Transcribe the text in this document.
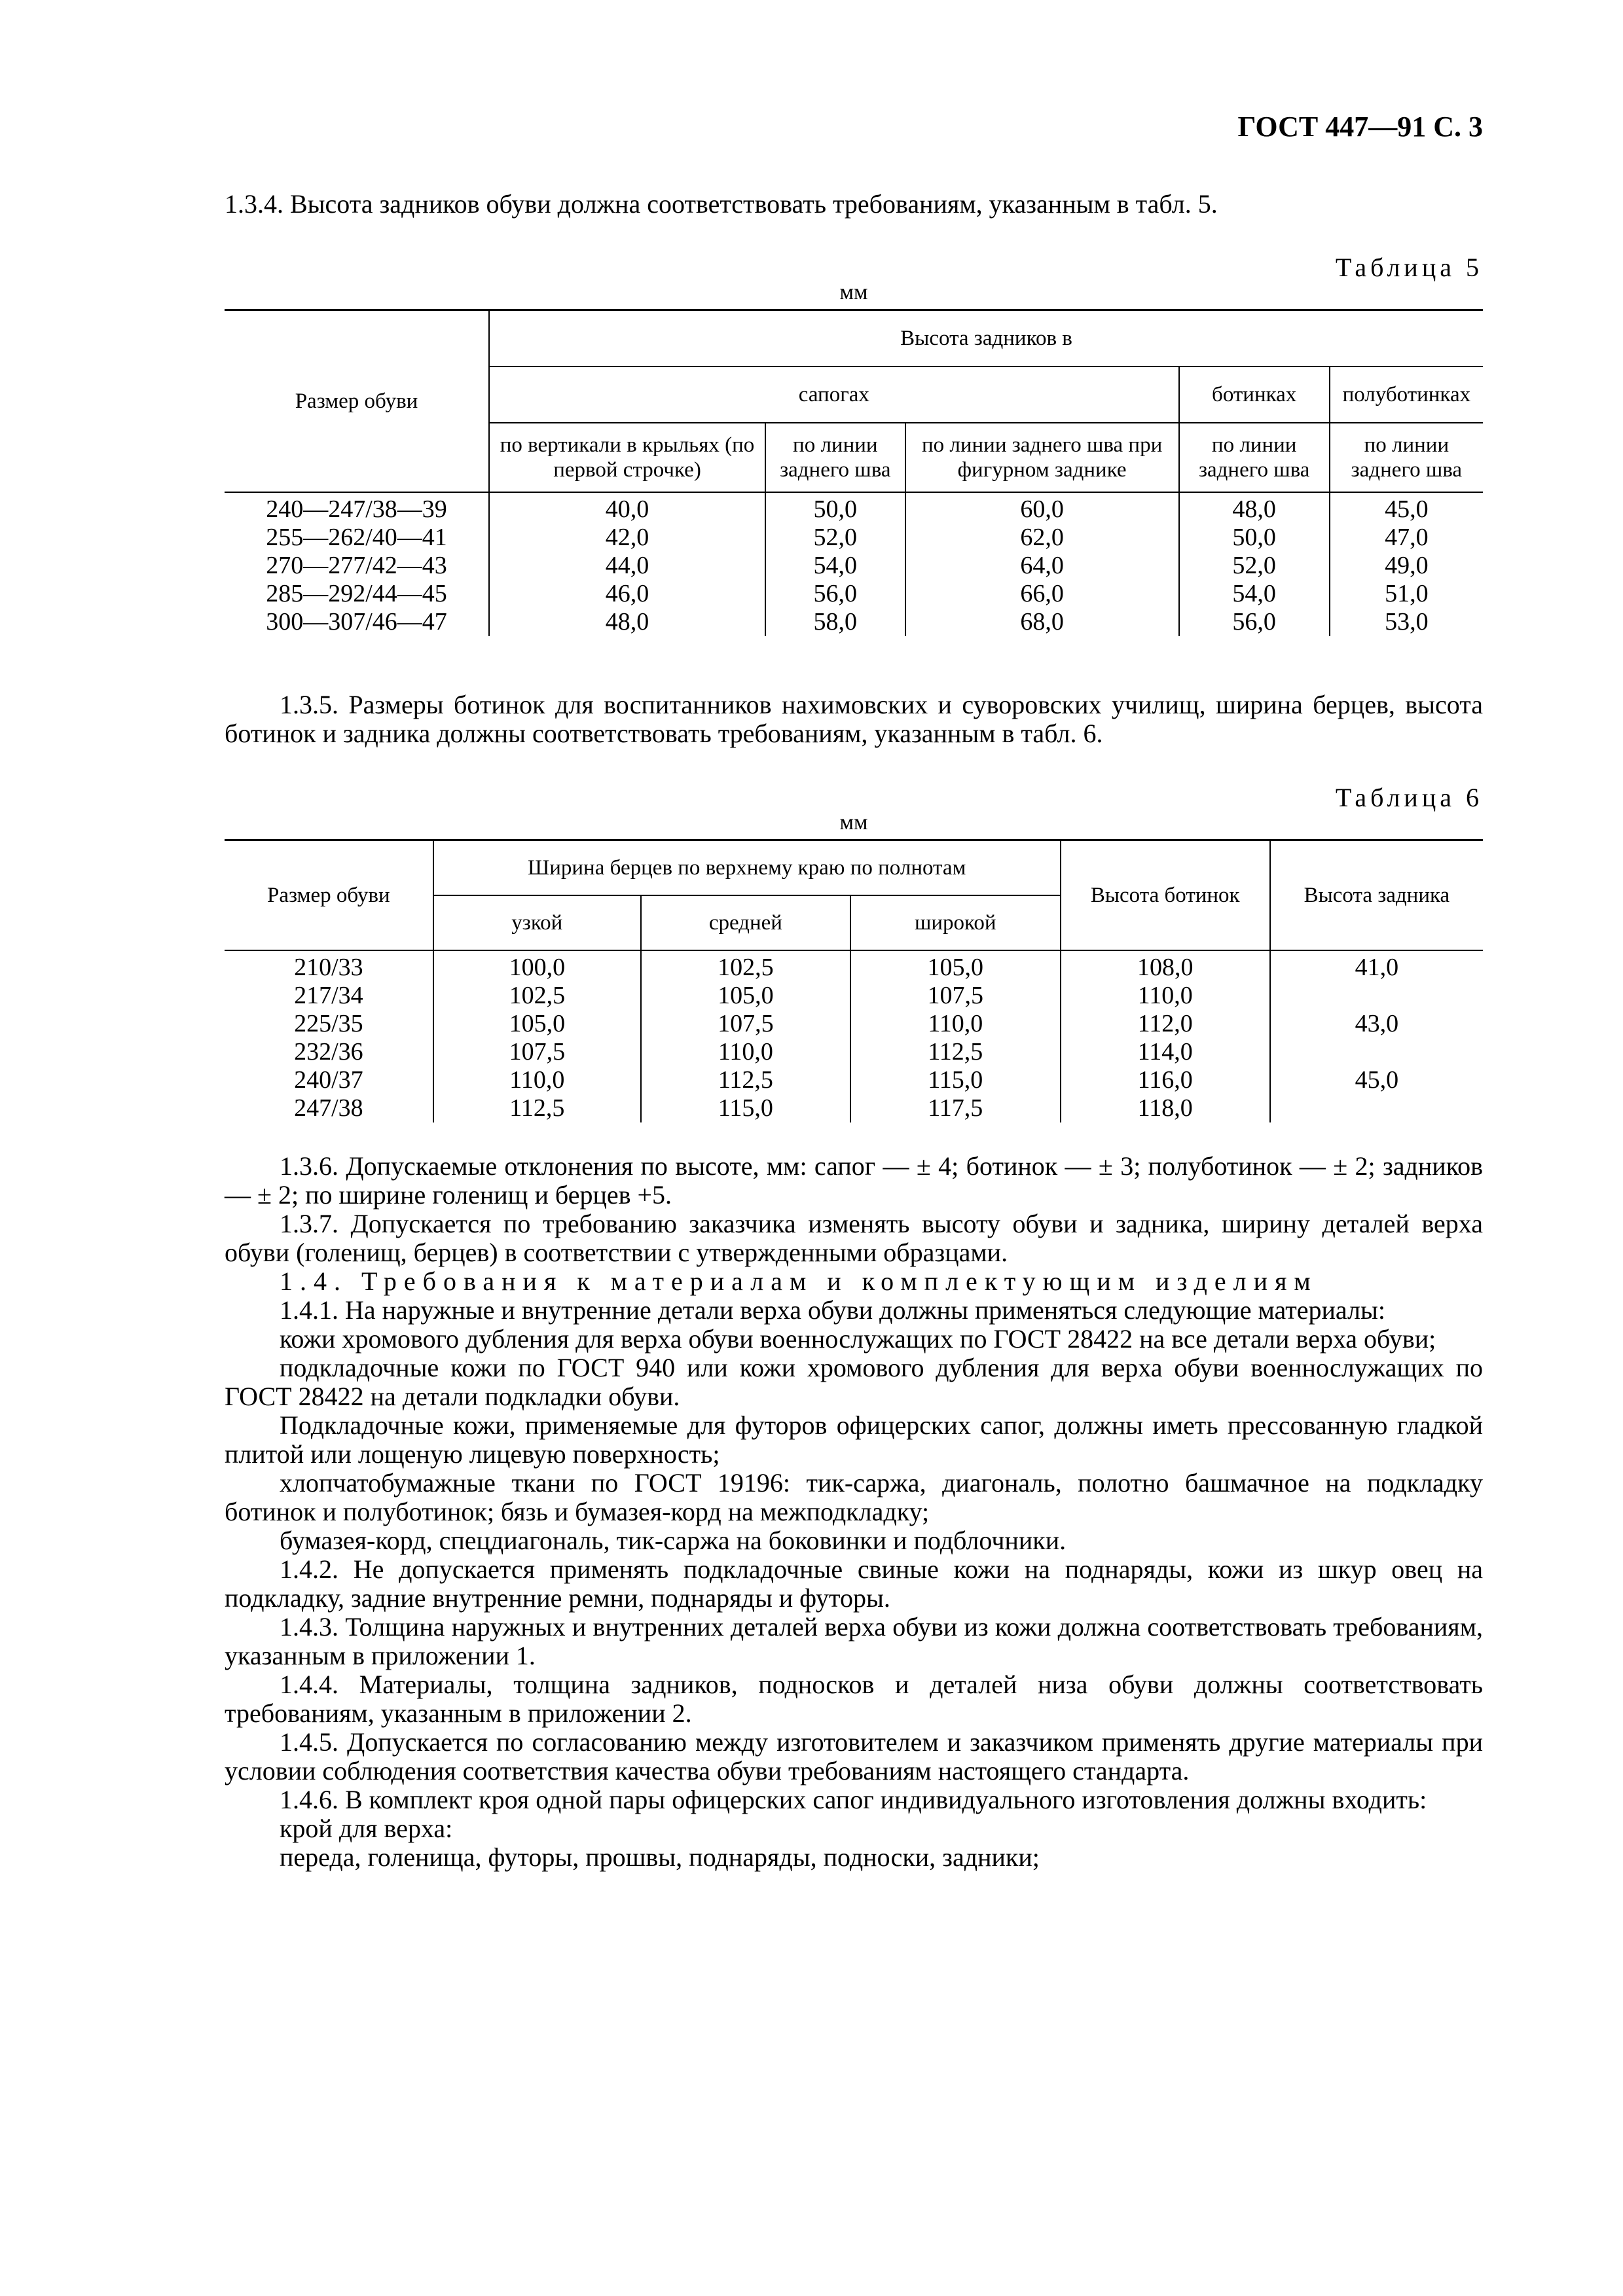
ГОСТ 447—91 С. 3
1.3.4. Высота задников обуви должна соответствовать требованиям, указанным в табл. 5.
Таблица 5
мм
Размер обуви	Высота задников в				
	сапогах			ботинках	полуботинках
	по вертикали в крыльях (по первой строчке)	по линии заднего шва	по линии заднего шва при фигурном заднике	по линии заднего шва	по линии заднего шва
240—247/38—39	40,0	50,0	60,0	48,0	45,0
255—262/40—41	42,0	52,0	62,0	50,0	47,0
270—277/42—43	44,0	54,0	64,0	52,0	49,0
285—292/44—45	46,0	56,0	66,0	54,0	51,0
300—307/46—47	48,0	58,0	68,0	56,0	53,0
1.3.5. Размеры ботинок для воспитанников нахимовских и суворовских училищ, ширина берцев, высота ботинок и задника должны соответствовать требованиям, указанным в табл. 6.
Таблица 6
мм
Размер обуви	Ширина берцев по верхнему краю по полнотам			Высота ботинок	Высота задника
	узкой	средней	широкой		
210/33	100,0	102,5	105,0	108,0	41,0
217/34	102,5	105,0	107,5	110,0	
225/35	105,0	107,5	110,0	112,0	43,0
232/36	107,5	110,0	112,5	114,0	
240/37	110,0	112,5	115,0	116,0	45,0
247/38	112,5	115,0	117,5	118,0	

1.3.6. Допускаемые отклонения по высоте, мм: сапог — ± 4; ботинок — ± 3; полуботинок — ± 2; задников — ± 2; по ширине голенищ и берцев +5.

1.3.7. Допускается по требованию заказчика изменять высоту обуви и задника, ширину деталей верха обуви (голенищ, берцев) в соответствии с утвержденными образцами.

1.4. Требования к материалам и комплектующим изделиям

1.4.1. На наружные и внутренние детали верха обуви должны применяться следующие материалы:

кожи хромового дубления для верха обуви военнослужащих по ГОСТ 28422 на все детали верха обуви;

подкладочные кожи по ГОСТ 940 или кожи хромового дубления для верха обуви военнослужащих по ГОСТ 28422 на детали подкладки обуви.

Подкладочные кожи, применяемые для футоров офицерских сапог, должны иметь прессованную гладкой плитой или лощеную лицевую поверхность;

хлопчатобумажные ткани по ГОСТ 19196: тик-саржа, диагональ, полотно башмачное на подкладку ботинок и полуботинок; бязь и бумазея-корд на межподкладку;

бумазея-корд, спецдиагональ, тик-саржа на боковинки и подблочники.

1.4.2. Не допускается применять подкладочные свиные кожи на поднаряды, кожи из шкур овец на подкладку, задние внутренние ремни, поднаряды и футоры.

1.4.3. Толщина наружных и внутренних деталей верха обуви из кожи должна соответствовать требованиям, указанным в приложении 1.

1.4.4. Материалы, толщина задников, подносков и деталей низа обуви должны соответствовать требованиям, указанным в приложении 2.

1.4.5. Допускается по согласованию между изготовителем и заказчиком применять другие материалы при условии соблюдения соответствия качества обуви требованиям настоящего стандарта.

1.4.6. В комплект кроя одной пары офицерских сапог индивидуального изготовления должны входить:

крой для верха:

переда, голенища, футоры, прошвы, поднаряды, подноски, задники;
